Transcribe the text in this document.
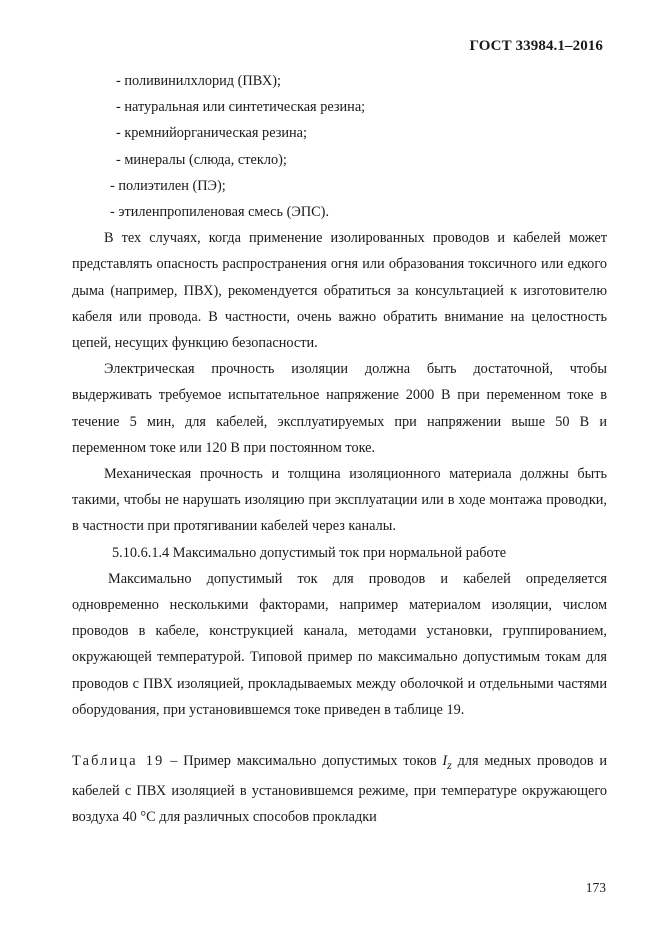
ГОСТ 33984.1–2016

- поливинилхлорид (ПВХ);

- натуральная или синтетическая резина;

- кремнийорганическая резина;

- минералы (слюда, стекло);

- полиэтилен (ПЭ);

- этиленпропиленовая смесь (ЭПС).

В тех случаях, когда применение изолированных проводов и кабелей может представлять опасность распространения огня или образования токсичного или едкого дыма (например, ПВХ), рекомендуется обратиться за консультацией к изготовителю кабеля или провода. В частности, очень важно обратить внимание на целостность цепей, несущих функцию безопасности.

Электрическая прочность изоляции должна быть достаточной, чтобы выдерживать требуемое испытательное напряжение 2000 В при переменном токе в течение 5 мин, для кабелей, эксплуатируемых при напряжении выше 50 В и переменном токе или 120 В при постоянном токе.

Механическая прочность и толщина изоляционного материала должны быть такими, чтобы не нарушать изоляцию при эксплуатации или в ходе монтажа проводки, в частности при протягивании кабелей через каналы.

5.10.6.1.4 Максимально допустимый ток при нормальной работе

Максимально допустимый ток для проводов и кабелей определяется одновременно несколькими факторами, например материалом изоляции, числом проводов в кабеле, конструкцией канала, методами установки, группированием, окружающей температурой. Типовой пример по максимально допустимым токам для проводов с ПВХ изоляцией, прокладываемых между оболочкой и отдельными частями оборудования, при установившемся токе приведен в таблице 19.

Таблица 19 – Пример максимально допустимых токов $I_z$ для медных проводов и кабелей с ПВХ изоляцией в установившемся режиме, при температуре окружающего воздуха 40 °С для различных способов прокладки

173
